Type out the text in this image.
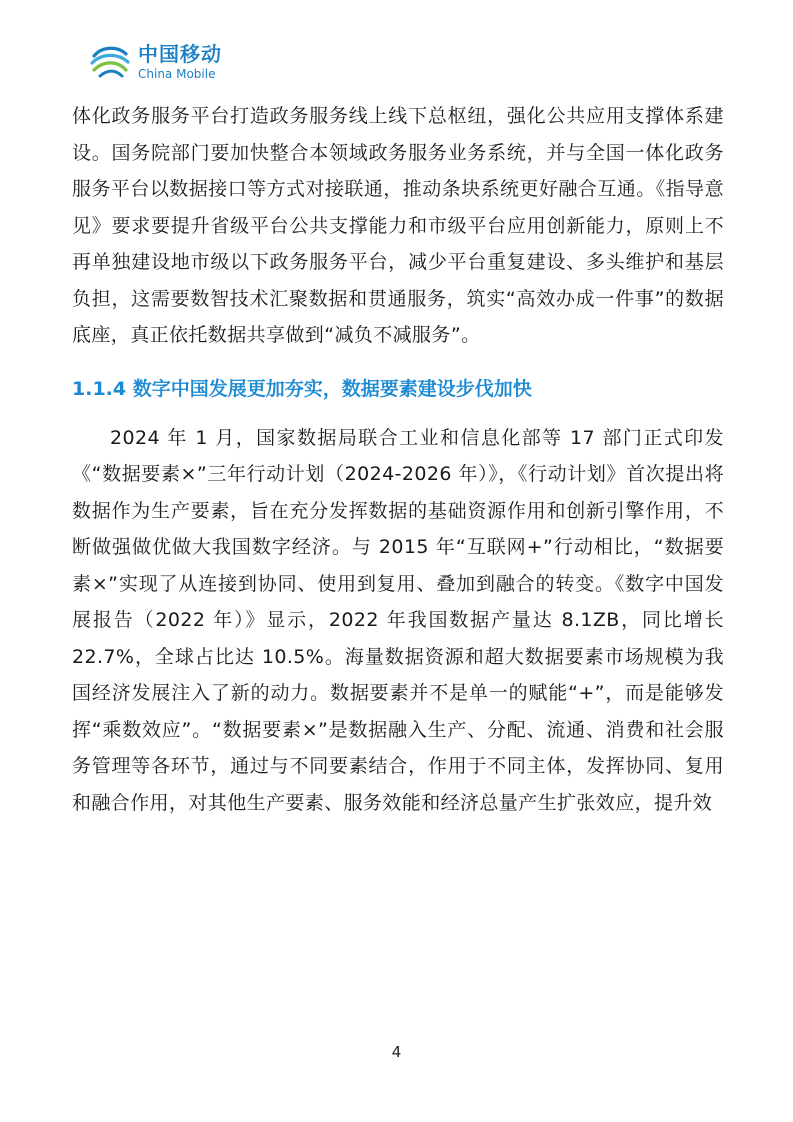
中国移动
China Mobile

体化政务服务平台打造政务服务线上线下总枢纽，强化公共应用支撑体系建设。国务院部门要加快整合本领域政务服务业务系统，并与全国一体化政务服务平台以数据接口等方式对接联通，推动条块系统更好融合互通。《指导意见》要求要提升省级平台公共支撑能力和市级平台应用创新能力，原则上不再单独建设地市级以下政务服务平台，减少平台重复建设、多头维护和基层负担，这需要数智技术汇聚数据和贯通服务，筑实“高效办成一件事”的数据底座，真正依托数据共享做到“减负不减服务”。

1.1.4 数字中国发展更加夯实，数据要素建设步伐加快

2024 年 1 月，国家数据局联合工业和信息化部等 17 部门正式印发《“数据要素×”三年行动计划（2024-2026 年）》，《行动计划》首次提出将数据作为生产要素，旨在充分发挥数据的基础资源作用和创新引擎作用，不断做强做优做大我国数字经济。与 2015 年“互联网+”行动相比，“数据要素×”实现了从连接到协同、使用到复用、叠加到融合的转变。《数字中国发展报告（2022 年）》显示，2022 年我国数据产量达 8.1ZB，同比增长 22.7%，全球占比达 10.5%。海量数据资源和超大数据要素市场规模为我国经济发展注入了新的动力。数据要素并不是单一的赋能“+”，而是能够发挥“乘数效应”。“数据要素×”是数据融入生产、分配、流通、消费和社会服务管理等各环节，通过与不同要素结合，作用于不同主体，发挥协同、复用和融合作用，对其他生产要素、服务效能和经济总量产生扩张效应，提升效

4
